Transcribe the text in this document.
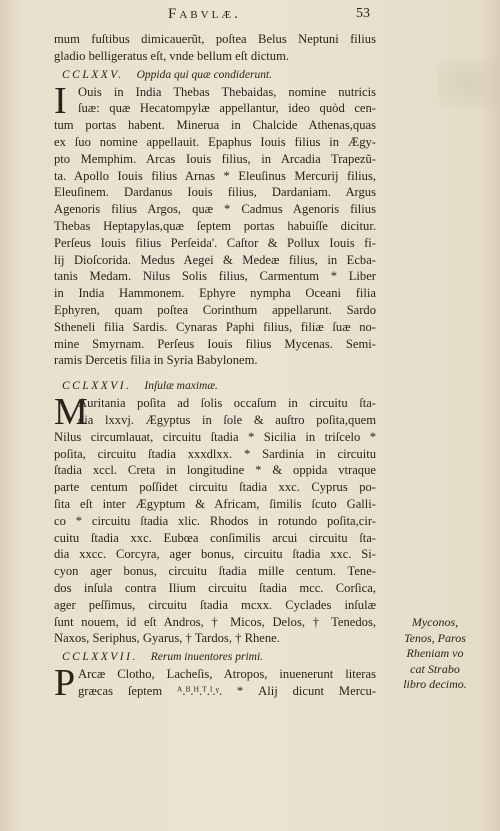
Fabvlæ.	53
mum fuſtibus dimicauerũt, poſtea Belus Neptuni filius
gladio belligeratus eſt, vnde bellum eſt dictum.
CCLXXV. Oppida qui quæ condiderunt.
I Ouis in India Thebas Thebaidas, nomine nutricis
ſuæ: quæ Hecatompylæ appellantur, ideo quòd cen-
tum portas habent. Minerua in Chalcide Athenas,quas
ex ſuo nomine appellauit. Epaphus Iouis filius in Ægy-
pto Memphim. Arcas Iouis filius, in Arcadia Trapezũ-
ta. Apollo Iouis filius Arnas * Eleuſinus Mercurij filius,
Eleuſinem. Dardanus Iouis filius, Dardaniam. Argus
Agenoris filius Argos, quæ * Cadmus Agenoris filius
Thebas Heptapylas,quæ ſeptem portas habuiſſe dicitur.
Perſeus Iouis filius Perſeida'. Caſtor & Pollux Iouis fi-
lij Dioſcorida. Medus Aegei & Medeæ filius, in Ecba-
tanis Medam. Nilus Solis filius, Carmentum * Liber
in India Hammonem. Ephyre nympha Oceani filia
Ephyren, quam poſtea Corinthum appellarunt. Sardo
Stheneli filia Sardis. Cynaras Paphi filius, filiæ ſuæ no-
mine Smyrnam. Perſeus Iouis filius Mycenas. Semi-
ramis Dercetis filia in Syria Babylonem.
CCLXXVI. Inſulæ maximæ.
M
Auritania poſita ad ſolis occaſum in circuitu ſta-
dia lxxvj. Ægyptus in ſole & auſtro poſita,quem
Nilus circumlauat, circuitu ſtadia * Sicilia in triſcelo *
poſita, circuitu ſtadia xxxdlxx. * Sardinia in circuitu
ſtadia xccl. Creta in longitudine * & oppida vtraque
parte centum poſſidet circuitu ſtadia xxc. Cyprus po-
ſita eſt inter Ægyptum & Africam, ſimilis ſcuto Galli-
co * circuitu ſtadia xlic. Rhodos in rotundo poſita,cir-
cuitu ſtadia xxc. Eubœa conſimilis arcui circuitu ſta-
dia xxcc. Corcyra, ager bonus, circuitu ſtadia xxc. Si-
cyon ager bonus, circuitu ſtadia mille centum. Tene-
dos inſula contra Ilium circuitu ſtadia mcc. Corſica,
ager peſſimus, circuitu ſtadia mcxx. Cyclades inſulæ
ſunt nouem, id eſt Andros, † Micos, Delos, † Tenedos,
Naxos, Seriphus, Gyarus, † Tardos, † Rhene.
CCLXXVII. Rerum inuentores primi.
P Arcæ Clotho, Lacheſis, Atropos, inuenerunt literas
græcas ſeptem ᴬ.ᴮ.ᴴ.ᵀ.ᴵ.ᵞ. * Alij dicunt Mercu-
Myconos,
Tenos, Paros
Rheniam vo
cat Strabo
libro decimo.
